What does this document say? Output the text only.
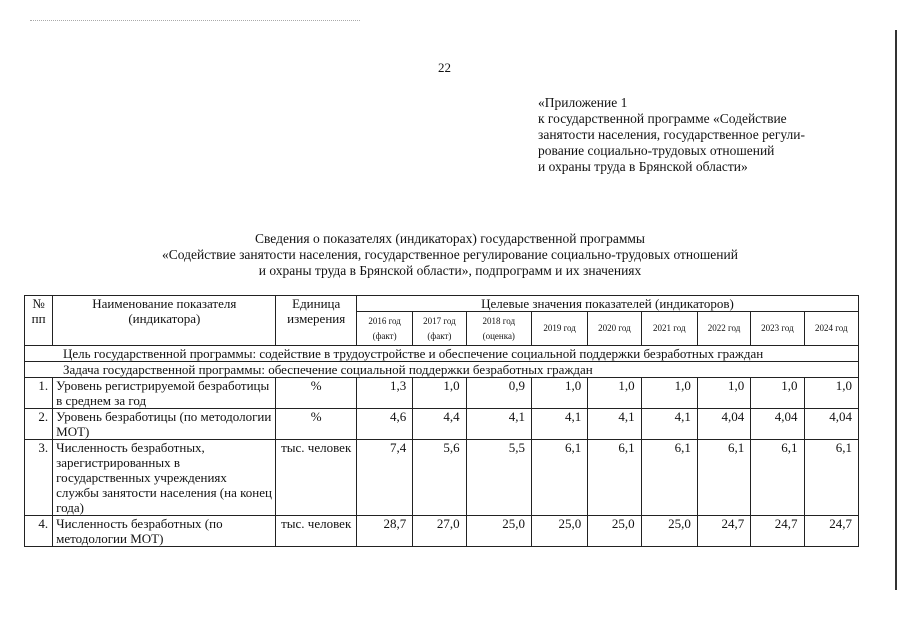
22
«Приложение 1
к государственной программе «Содействие
занятости населения, государственное регули-
рование социально-трудовых отношений
и охраны труда в Брянской области»
Сведения о показателях (индикаторах) государственной программы
«Содействие занятости населения, государственное регулирование социально-трудовых отношений
и охраны труда в Брянской области», подпрограмм и их значениях
№ пп	Наименование показателя (индикатора)	Единица измерения	Целевые значения показателей (индикаторов)								
			2016 год (факт)	2017 год (факт)	2018 год (оценка)	2019 год	2020 год	2021 год	2022 год	2023 год	2024 год
Цель государственной программы: содействие в трудоустройстве и обеспечение социальной поддержки безработных граждан											
Задача государственной программы: обеспечение социальной поддержки безработных граждан											
1.	Уровень регистрируемой безработицы в среднем за год	%	1,3	1,0	0,9	1,0	1,0	1,0	1,0	1,0	1,0
2.	Уровень безработицы (по методологии МОТ)	%	4,6	4,4	4,1	4,1	4,1	4,1	4,04	4,04	4,04
3.	Численность безработных, зарегистрированных в государственных учреждениях службы занятости населения (на конец года)	тыс. человек	7,4	5,6	5,5	6,1	6,1	6,1	6,1	6,1	6,1
4.	Численность безработных (по методологии МОТ)	тыс. человек	28,7	27,0	25,0	25,0	25,0	25,0	24,7	24,7	24,7
